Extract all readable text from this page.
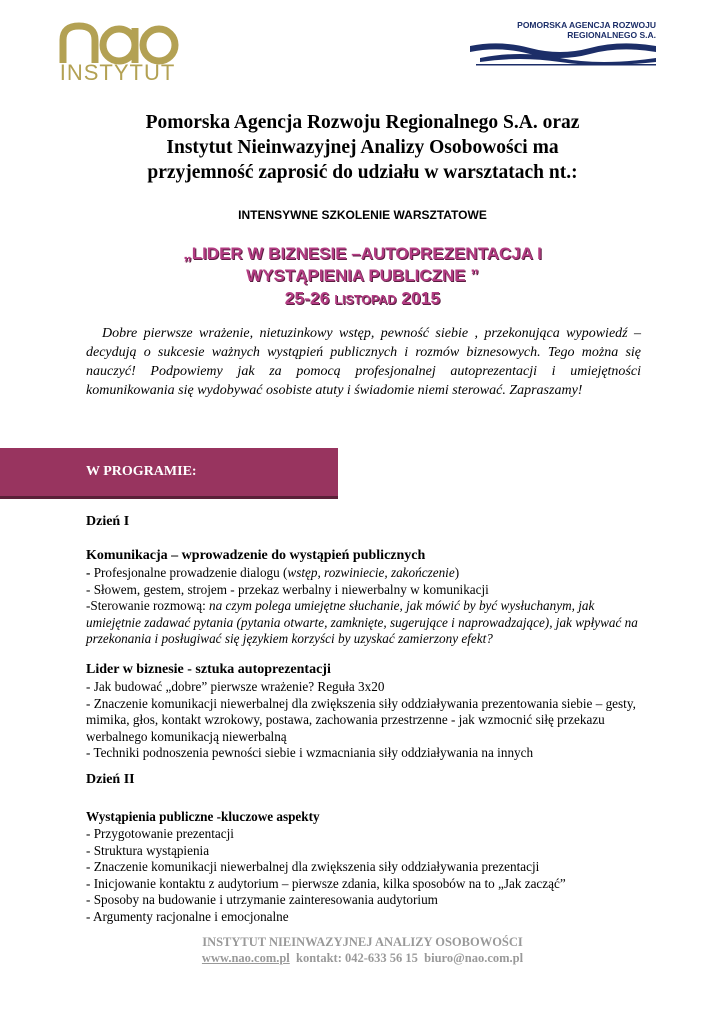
INSTYTUT
POMORSKA AGENCJA ROZWOJU
REGIONALNEGO S.A.
Pomorska Agencja Rozwoju Regionalnego S.A. oraz
Instytut Nieinwazyjnej Analizy Osobowości ma
przyjemność zaprosić do udziału w warsztatach nt.:
INTENSYWNE SZKOLENIE WARSZTATOWE
„LIDER W BIZNESIE –AUTOPREZENTACJA I
WYSTĄPIENIA PUBLICZNE ”
25-26 LISTOPAD 2015

Dobre pierwsze wrażenie, nietuzinkowy wstęp, pewność siebie , przekonująca wypowiedź – decydują o sukcesie ważnych wystąpień publicznych i rozmów biznesowych. Tego można się nauczyć! Podpowiemy jak za pomocą profesjonalnej autoprezentacji i umiejętności komunikowania się wydobywać osobiste atuty i świadomie niemi sterować. Zapraszamy!

W PROGRAMIE:
Dzień I
Komunikacja – wprowadzenie do wystąpień publicznych
- Profesjonalne prowadzenie dialogu (wstęp, rozwiniecie, zakończenie)
- Słowem, gestem, strojem - przekaz werbalny i niewerbalny w komunikacji
-Sterowanie rozmową: na czym polega umiejętne słuchanie, jak mówić by być wysłuchanym, jak umiejętnie zadawać pytania (pytania otwarte, zamknięte, sugerujące i naprowadzające), jak wpływać na przekonania i posługiwać się językiem korzyści by uzyskać zamierzony efekt?
Lider w biznesie - sztuka autoprezentacji
- Jak budować „dobre” pierwsze wrażenie? Reguła 3x20
- Znaczenie komunikacji niewerbalnej dla zwiększenia siły oddziaływania prezentowania siebie – gesty, mimika, głos, kontakt wzrokowy, postawa, zachowania przestrzenne - jak wzmocnić siłę przekazu werbalnego komunikacją niewerbalną
- Techniki podnoszenia pewności siebie i wzmacniania siły oddziaływania na innych
Dzień II
Wystąpienia publiczne -kluczowe aspekty
- Przygotowanie prezentacji
- Struktura wystąpienia
- Znaczenie komunikacji niewerbalnej dla zwiększenia siły oddziaływania prezentacji
- Inicjowanie kontaktu z audytorium – pierwsze zdania, kilka sposobów na to „Jak zacząć”
- Sposoby na budowanie i utrzymanie zainteresowania audytorium
- Argumenty racjonalne i emocjonalne
INSTYTUT NIEINWAZYJNEJ ANALIZY OSOBOWOŚCI
www.nao.com.pl  kontakt: 042-633 56 15  biuro@nao.com.pl
